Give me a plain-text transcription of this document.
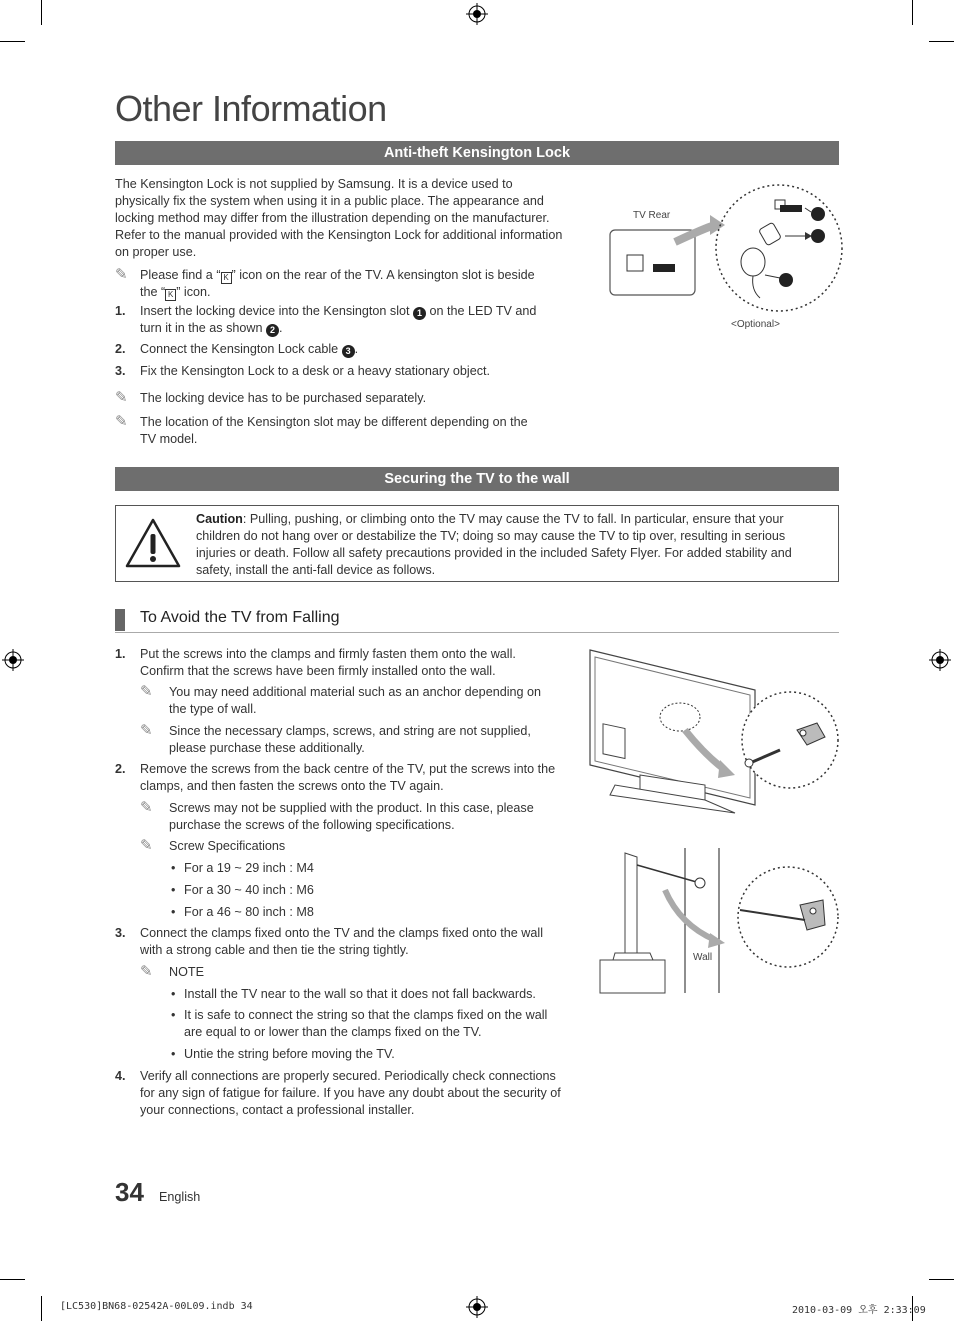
Other Information
Anti-theft Kensington Lock
The Kensington Lock is not supplied by Samsung. It is a device used to physically fix the system when using it in a public place. The appearance and locking method may differ from the illustration depending on the manufacturer. Refer to the manual provided with the Kensington Lock for additional information on proper use.
✎ Please find a “ K ” icon on the rear of the TV. A kensington slot is beside
the “ K ” icon.
1. Insert the locking device into the Kensington slot 1 on the LED TV and
turn it in the as shown 2 .
2. Connect the Kensington Lock cable 3 .
3. Fix the Kensington Lock to a desk or a heavy stationary object.
✎ The locking device has to be purchased separately.
✎ The location of the Kensington slot may be different depending on the
TV model.
TV Rear
<Optional>
Securing the TV to the wall
Caution: Pulling, pushing, or climbing onto the TV may cause the TV to fall. In particular, ensure that your children do not hang over or destabilize the TV; doing so may cause the TV to tip over, resulting in serious injuries or death. Follow all safety precautions provided in the included Safety Flyer. For added stability and safety, install the anti-fall device as follows.
To Avoid the TV from Falling
1. Put the screws into the clamps and firmly fasten them onto the wall. Confirm that the screws have been firmly installed onto the wall.
✎ You may need additional material such as an anchor depending on the type of wall.
✎ Since the necessary clamps, screws, and string are not supplied, please purchase these additionally.
2. Remove the screws from the back centre of the TV, put the screws into the clamps, and then fasten the screws onto the TV again.
✎ Screws may not be supplied with the product. In this case, please purchase the screws of the following specifications.
✎ Screw Specifications
• For a 19 ~ 29 inch : M4
• For a 30 ~ 40 inch : M6
• For a 46 ~ 80 inch : M8
3. Connect the clamps fixed onto the TV and the clamps fixed onto the wall with a strong cable and then tie the string tightly.
✎ NOTE
• Install the TV near to the wall so that it does not fall backwards.
• It is safe to connect the string so that the clamps fixed on the wall are equal to or lower than the clamps fixed on the TV.
• Untie the string before moving the TV.
4. Verify all connections are properly secured. Periodically check connections for any sign of fatigue for failure. If you have any doubt about the security of your connections, contact a professional installer.
Wall
34 English
[LC530]BN68-02542A-00L09.indb 34	2010-03-09 오후 2:33:09
